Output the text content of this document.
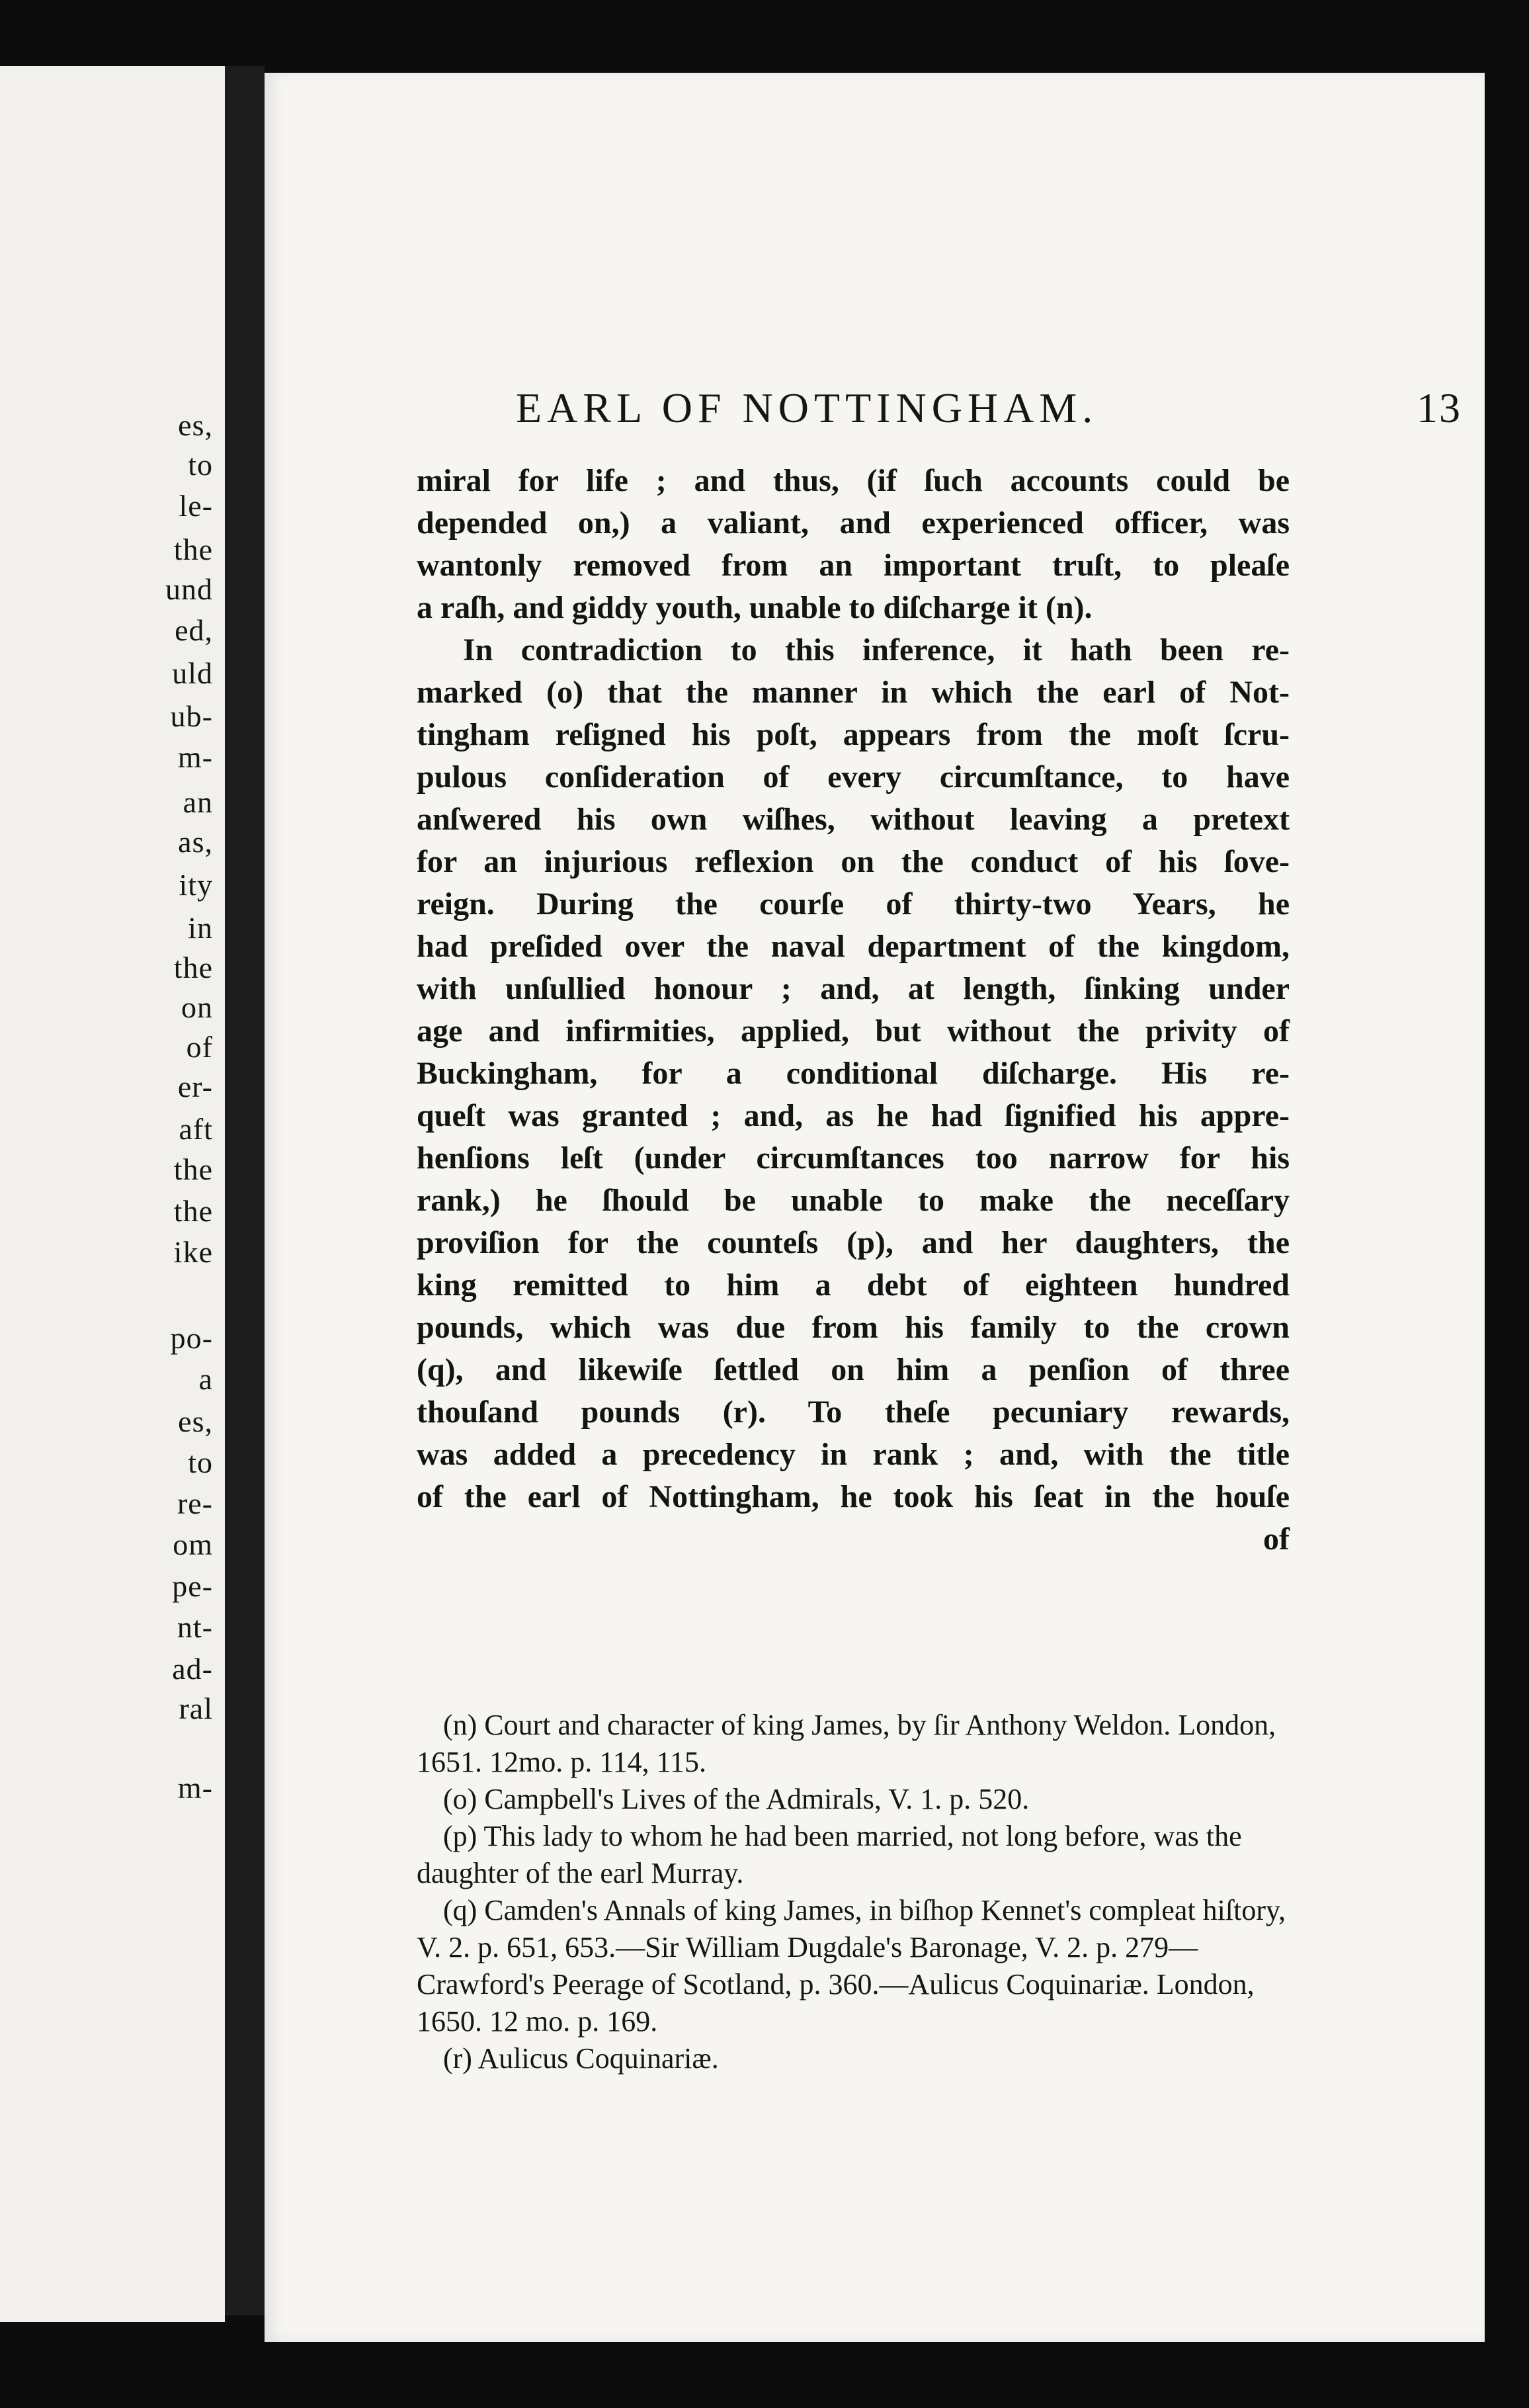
es,
to
le-
the
und
ed,
uld
ub-
m-
an
as,
ity
in
the
on
of
er-
aft
the
the
ike
po-
a
es,
to
re-
om
pe-
nt-
ad-
ral
m-
EARL OF NOTTINGHAM.	13
miral for life ; and thus, (if ſuch accounts could be
depended on,) a valiant, and experienced officer, was
wantonly removed from an important truſt, to pleaſe
a raſh, and giddy youth, unable to diſcharge it (n).
In contradiction to this inference, it hath been re-
marked (o) that the manner in which the earl of Not-
tingham reſigned his poſt, appears from the moſt ſcru-
pulous conſideration of every circumſtance, to have
anſwered his own wiſhes, without leaving a pretext
for an injurious reflexion on the conduct of his ſove-
reign. During the courſe of thirty-two Years, he
had preſided over the naval department of the kingdom,
with unſullied honour ; and, at length, ſinking under
age and infirmities, applied, but without the privity of
Buckingham, for a conditional diſcharge. His re-
queſt was granted ; and, as he had ſignified his appre-
henſions leſt (under circumſtances too narrow for his
rank,) he ſhould be unable to make the neceſſary
proviſion for the counteſs (p), and her daughters, the
king remitted to him a debt of eighteen hundred
pounds, which was due from his family to the crown
(q), and likewiſe ſettled on him a penſion of three
thouſand pounds (r). To theſe pecuniary rewards,
was added a precedency in rank ; and, with the title
of the earl of Nottingham, he took his ſeat in the houſe
of
(n) Court and character of king James, by ſir Anthony Weldon. London, 1651. 12mo. p. 114, 115.
(o) Campbell's Lives of the Admirals, V. 1. p. 520.
(p) This lady to whom he had been married, not long before, was the daughter of the earl Murray.
(q) Camden's Annals of king James, in biſhop Kennet's compleat hiſtory, V. 2. p. 651, 653.—Sir William Dugdale's Baronage, V. 2. p. 279—Crawford's Peerage of Scotland, p. 360.—Aulicus Coquinariæ. London, 1650. 12 mo. p. 169.
(r) Aulicus Coquinariæ.
